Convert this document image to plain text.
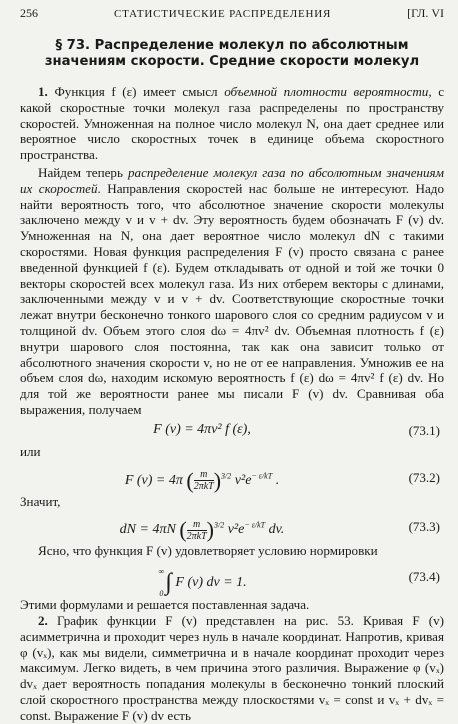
256	СТАТИСТИЧЕСКИЕ РАСПРЕДЕЛЕНИЯ	[ГЛ. VI
§ 73. Распределение молекул по абсолютным
значениям скорости. Средние скорости молекул

1. Функция f (ε) имеет смысл объемной плотности вероятности, с какой скоростные точки молекул газа распределены по пространству скоростей. Умноженная на полное число молекул N, она дает среднее или вероятное число скоростных точек в единице объема скоростного пространства.

Найдем теперь распределение молекул газа по абсолютным значениям их скоростей. Направления скоростей нас больше не интересуют. Надо найти вероятность того, что абсолютное значение скорости молекулы заключено между v и v + dv. Эту вероятность будем обозначать F (v) dv. Умноженная на N, она дает вероятное число молекул dN с такими скоростями. Новая функция распределения F (v) просто связана с ранее введенной функцией f (ε). Будем откладывать от одной и той же точки 0 векторы скоростей всех молекул газа. Из них отберем векторы с длинами, заключенными между v и v + dv. Соответствующие скоростные точки лежат внутри бесконечно тонкого шарового слоя со средним радиусом v и толщиной dv. Объем этого слоя dω = 4πv² dv. Объемная плотность f (ε) внутри шарового слоя постоянна, так как она зависит только от абсолютного значения скорости v, но не от ее направления. Умножив ее на объем слоя dω, находим искомую вероятность f (ε) dω = 4πv² f (ε) dv. Но для той же вероятности ранее мы писали F (v) dv. Сравнивая оба выражения, получаем

F (v) = 4πv² f (ε),	(73.1)
или
F (v) = 4π ( $\frac{m}{\text{2πkT}} )^{3/2}$ $v^2e^{- \varepsilon/kT}$ .	(73.2)
Значит,
dN = 4πN ( $\frac{m}{\text{2πkT}} )^{3/2}$ $v^2e^{- \varepsilon/kT}$ dv.	(73.3)

Ясно, что функция F (v) удовлетворяет условию нормировки

∞
0 ∫ F (v) dv = 1.	(73.4)

Этими формулами и решается поставленная задача.

2. График функции F (v) представлен на рис. 53. Кривая F (v) асимметрична и проходит через нуль в начале координат. Напротив, кривая φ (vₓ), как мы видели, симметрична и в начале координат проходит через максимум. Легко видеть, в чем причина этого различия. Выражение φ (vₓ) dvₓ дает вероятность попадания молекулы в бесконечно тонкий плоский слой скоростного пространства между плоскостями vₓ = const и vₓ + dvₓ = const. Выражение F (v) dv есть
